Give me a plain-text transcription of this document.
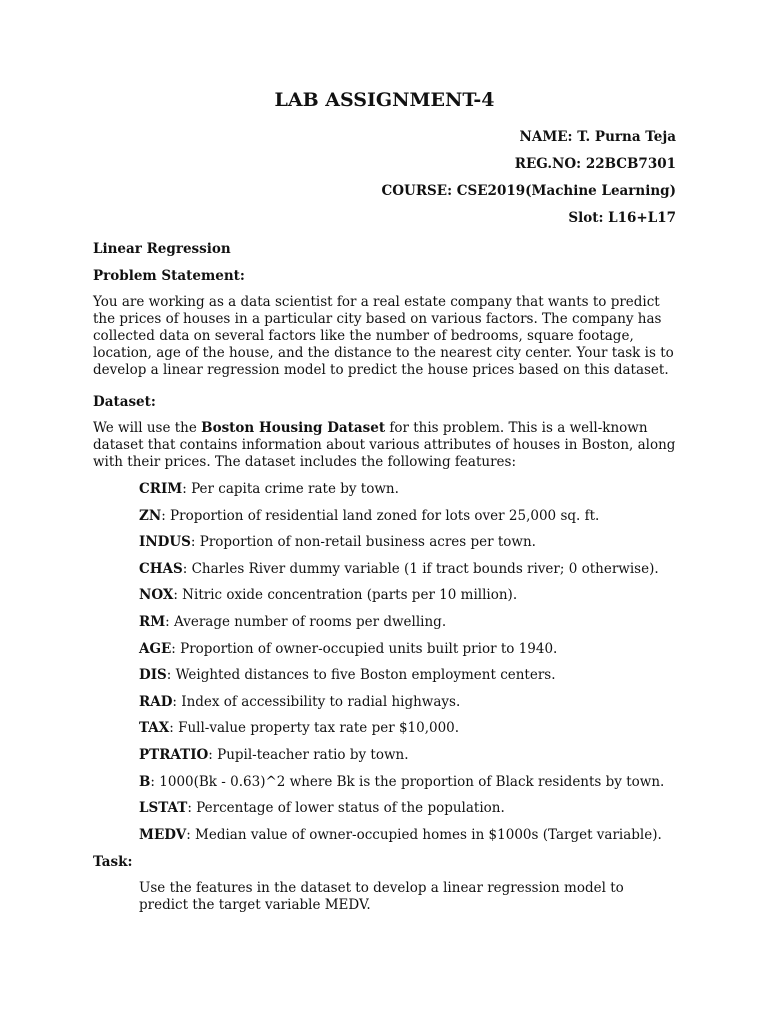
LAB ASSIGNMENT-4

NAME: T. Purna Teja

REG.NO: 22BCB7301

COURSE: CSE2019(Machine Learning)

Slot: L16+L17

Linear Regression
Problem Statement:

You are working as a data scientist for a real estate company that wants to predict the prices of houses in a particular city based on various factors. The company has collected data on several factors like the number of bedrooms, square footage, location, age of the house, and the distance to the nearest city center. Your task is to develop a linear regression model to predict the house prices based on this dataset.

Dataset:

We will use the Boston Housing Dataset for this problem. This is a well-known dataset that contains information about various attributes of houses in Boston, along with their prices. The dataset includes the following features:

CRIM: Per capita crime rate by town.
ZN: Proportion of residential land zoned for lots over 25,000 sq. ft.
INDUS: Proportion of non-retail business acres per town.
CHAS: Charles River dummy variable (1 if tract bounds river; 0 otherwise).
NOX: Nitric oxide concentration (parts per 10 million).
RM: Average number of rooms per dwelling.
AGE: Proportion of owner-occupied units built prior to 1940.
DIS: Weighted distances to five Boston employment centers.
RAD: Index of accessibility to radial highways.
TAX: Full-value property tax rate per $10,000.
PTRATIO: Pupil-teacher ratio by town.
B: 1000(Bk - 0.63)^2 where Bk is the proportion of Black residents by town.
LSTAT: Percentage of lower status of the population.
MEDV: Median value of owner-occupied homes in $1000s (Target variable).
Task:

Use the features in the dataset to develop a linear regression model to predict the target variable MEDV.
